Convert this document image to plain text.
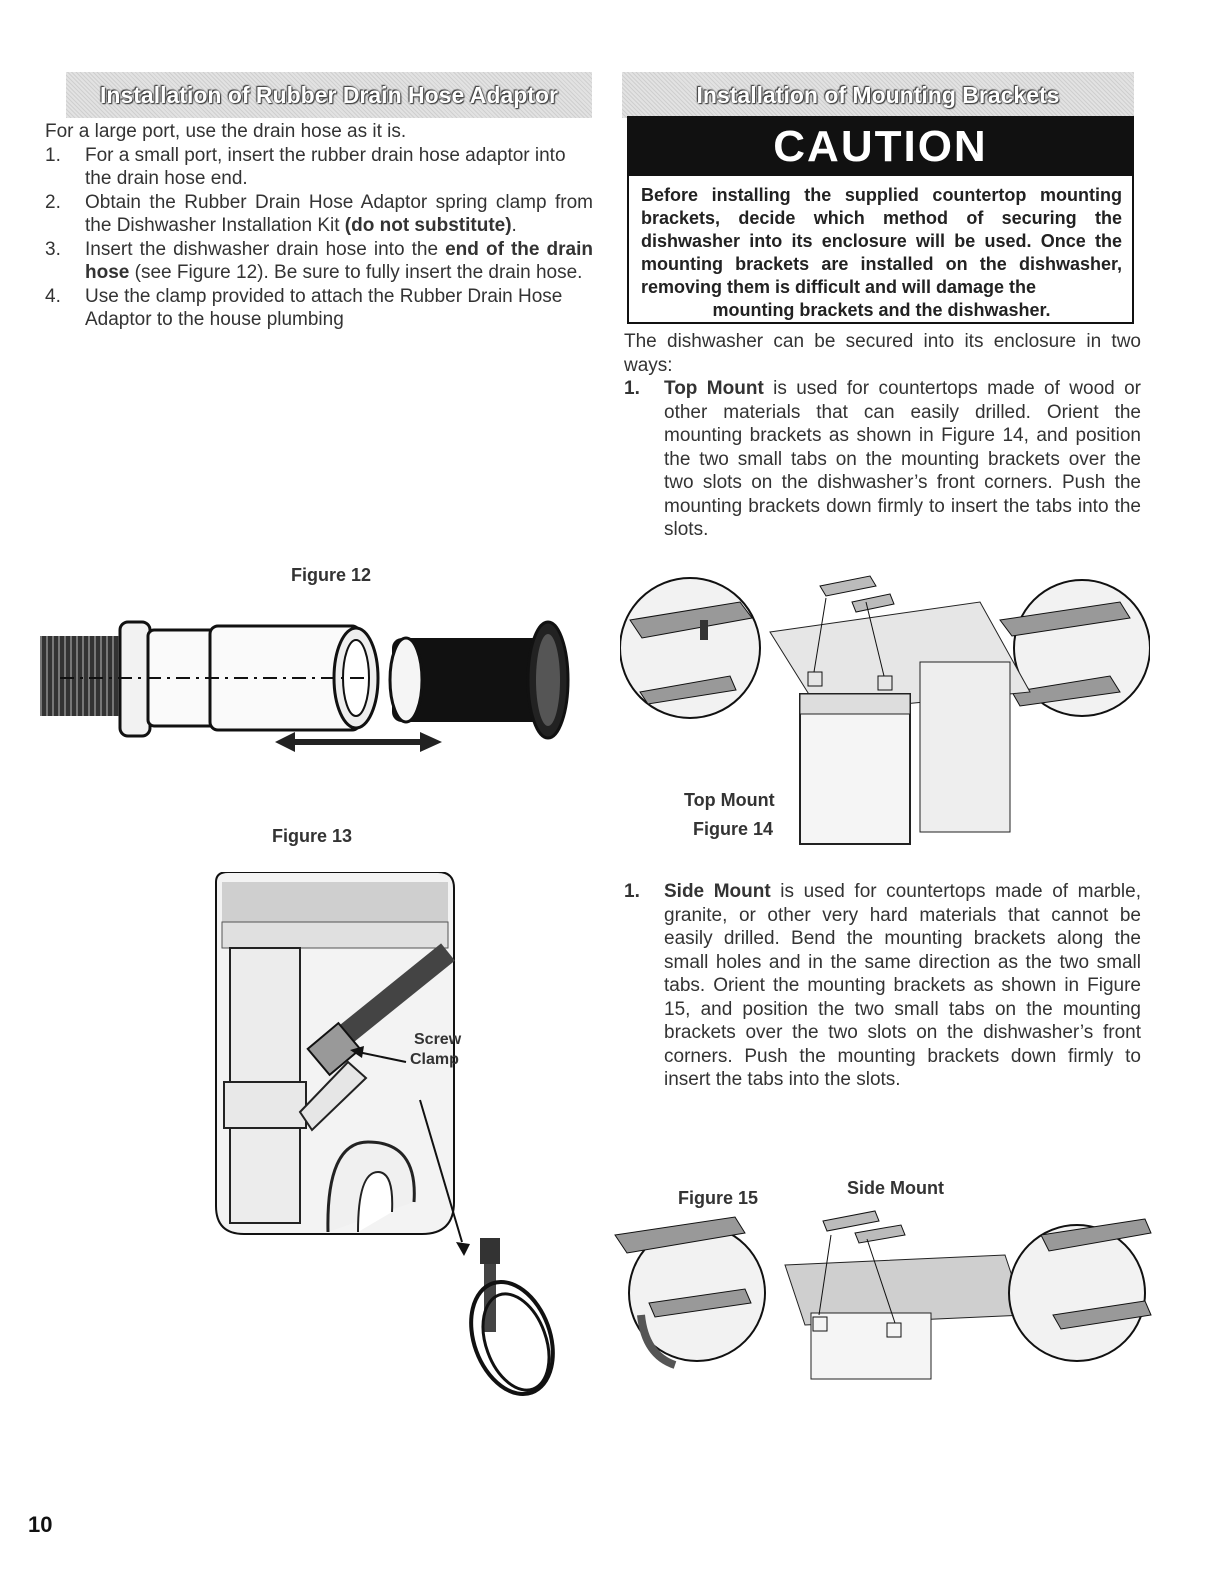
Installation of Rubber Drain Hose Adaptor
For a large port, use the drain hose as it is.
1. For a small port, insert the rubber drain hose adaptor into the drain hose end.
2. Obtain the Rubber Drain Hose Adaptor spring clamp from the Dishwasher Installation Kit (do not substitute).
3. Insert the dishwasher drain hose into the end of the drain hose (see Figure 12). Be sure to fully insert the drain hose.
4. Use the clamp provided to attach the Rubber Drain Hose Adaptor to the house plumbing
Figure 12
Figure 13
Screw
Clamp
Installation of Mounting Brackets
CAUTION
Before installing the supplied countertop mounting brackets, decide which method of securing the dishwasher into its enclosure will be used. Once the mounting brackets are installed on the dishwasher, removing them is difficult and will damage the
mounting brackets and the dishwasher.
The dishwasher can be secured into its enclosure in two ways:
1. Top Mount is used for countertops made of wood or other materials that can easily drilled. Orient the mounting brackets as shown in Figure 14, and position the two small tabs on the mounting brackets over the two slots on the dishwasher’s front corners. Push the mounting brackets down firmly to insert the tabs into the slots.
Top Mount
Figure 14
1. Side Mount is used for countertops made of marble, granite, or other very hard materials that cannot be easily drilled. Bend the mounting brackets along the small holes and in the same direction as the two small tabs. Orient the mounting brackets as shown in Figure 15, and position the two small tabs on the mounting brackets over the two slots on the dishwasher’s front corners. Push the mounting brackets down firmly to insert the tabs into the slots.
Figure 15	Side Mount
10
